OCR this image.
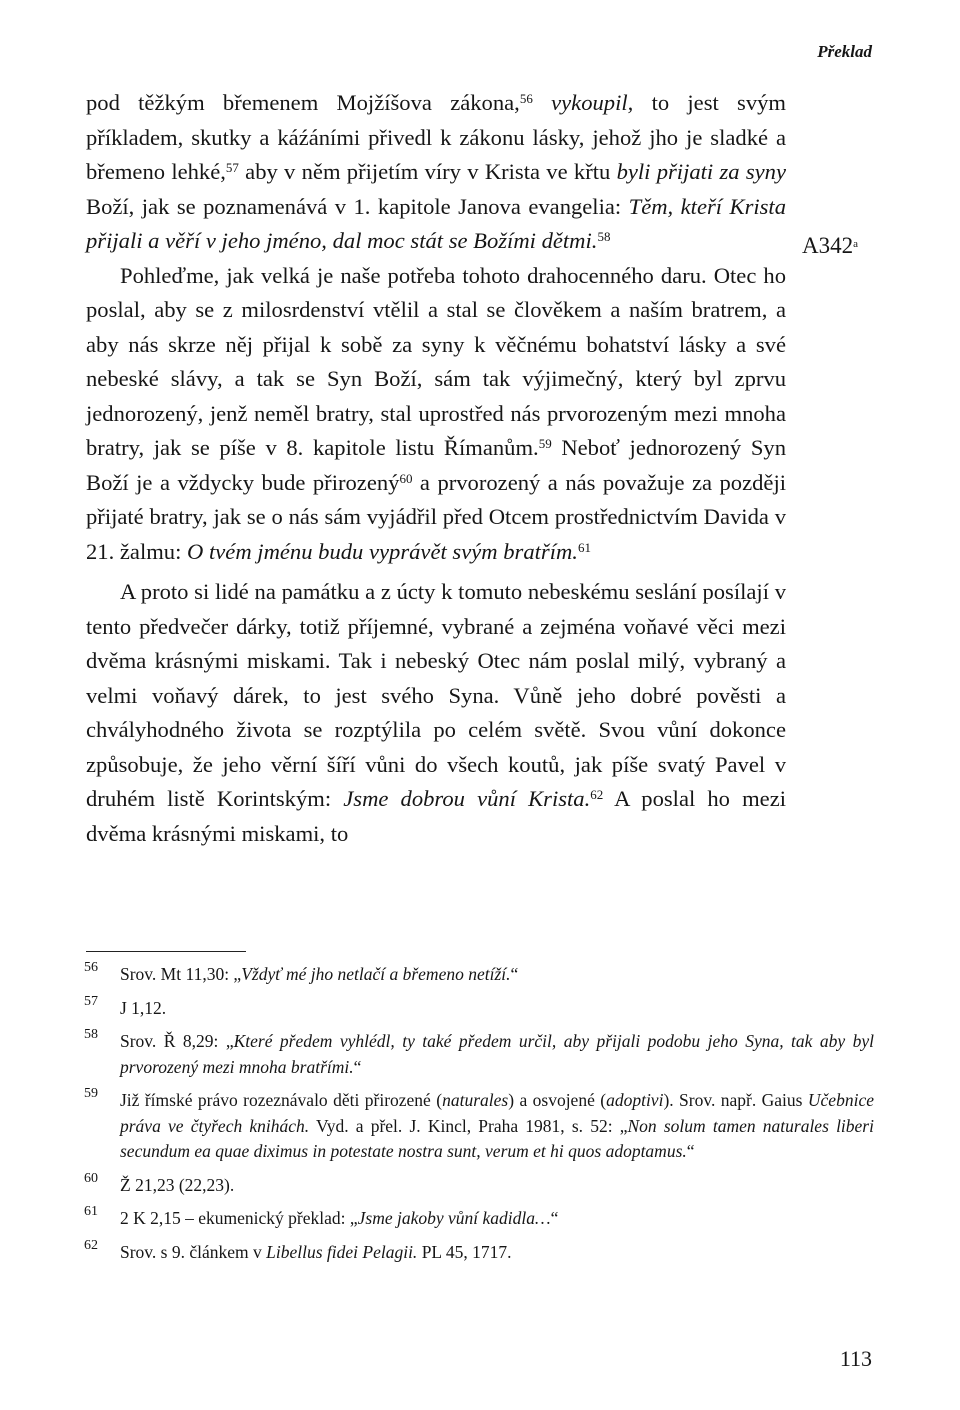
Překlad

pod těžkým břemenem Mojžíšova zákona,$^{56}$ vykoupil, to jest svým příkladem, skutky a káźáními přivedl k zákonu lásky, jehož jho je sladké a břemeno lehké,$^{57}$ aby v něm přijetím víry v Krista ve křtu byli přijati za syny Boží, jak se poznamenává v 1. kapitole Janova evangelia: Těm, kteří Krista přijali a věří v jeho jméno, dal moc stát se Božími dětmi.$^{58}$

Pohleďme, jak velká je naše potřeba tohoto drahocenného daru. Otec ho poslal, aby se z milosrdenství vtělil a stal se člověkem a naším bratrem, a aby nás skrze něj přijal k sobě za syny k věčnému bohatství lásky a své nebeské slávy, a tak se Syn Boží, sám tak výjimečný, který byl zprvu jednorozený, jenž neměl bratry, stal uprostřed nás prvorozeným mezi mnoha bratry, jak se píše v 8. kapitole listu Římanům.$^{59}$ Neboť jednorozený Syn Boží je a vždycky bude přirozený$^{60}$ a prvorozený a nás považuje za později přijaté bratry, jak se o nás sám vyjádřil před Otcem prostřednictvím Davida v 21. žalmu: O tvém jménu budu vyprávět svým bratřím.$^{61}$

A proto si lidé na památku a z úcty k tomuto nebeskému seslání posílají v tento předvečer dárky, totiž příjemné, vybrané a zejména voňavé věci mezi dvěma krásnými miskami. Tak i nebeský Otec nám poslal milý, vybraný a velmi voňavý dárek, to jest svého Syna. Vůně jeho dobré pověsti a chvályhodného života se rozptýlila po celém světě. Svou vůní dokonce způsobuje, že jeho věrní šíří vůni do všech koutů, jak píše svatý Pavel v druhém listě Korintským: Jsme dobrou vůní Krista.$^{62}$ A poslal ho mezi dvěma krásnými miskami, to

A342$^a$
56 Srov. Mt 11,30: „Vždyť mé jho netlačí a břemeno netíží.“
57 J 1,12.
58 Srov. Ř 8,29: „Které předem vyhlédl, ty také předem určil, aby přijali podobu jeho Syna, tak aby byl prvorozený mezi mnoha bratřími.“
59 Již římské právo rozeznávalo děti přirozené (naturales) a osvojené (adoptivi). Srov. např. Gaius Učebnice práva ve čtyřech knihách. Vyd. a přel. J. Kincl, Praha 1981, s. 52: „Non solum tamen naturales liberi secundum ea quae diximus in potestate nostra sunt, verum et hi quos adoptamus.“
60 Ž 21,23 (22,23).
61 2 K 2,15 – ekumenický překlad: „Jsme jakoby vůní kadidla…“
62 Srov. s 9. článkem v Libellus fidei Pelagii. PL 45, 1717.
113
